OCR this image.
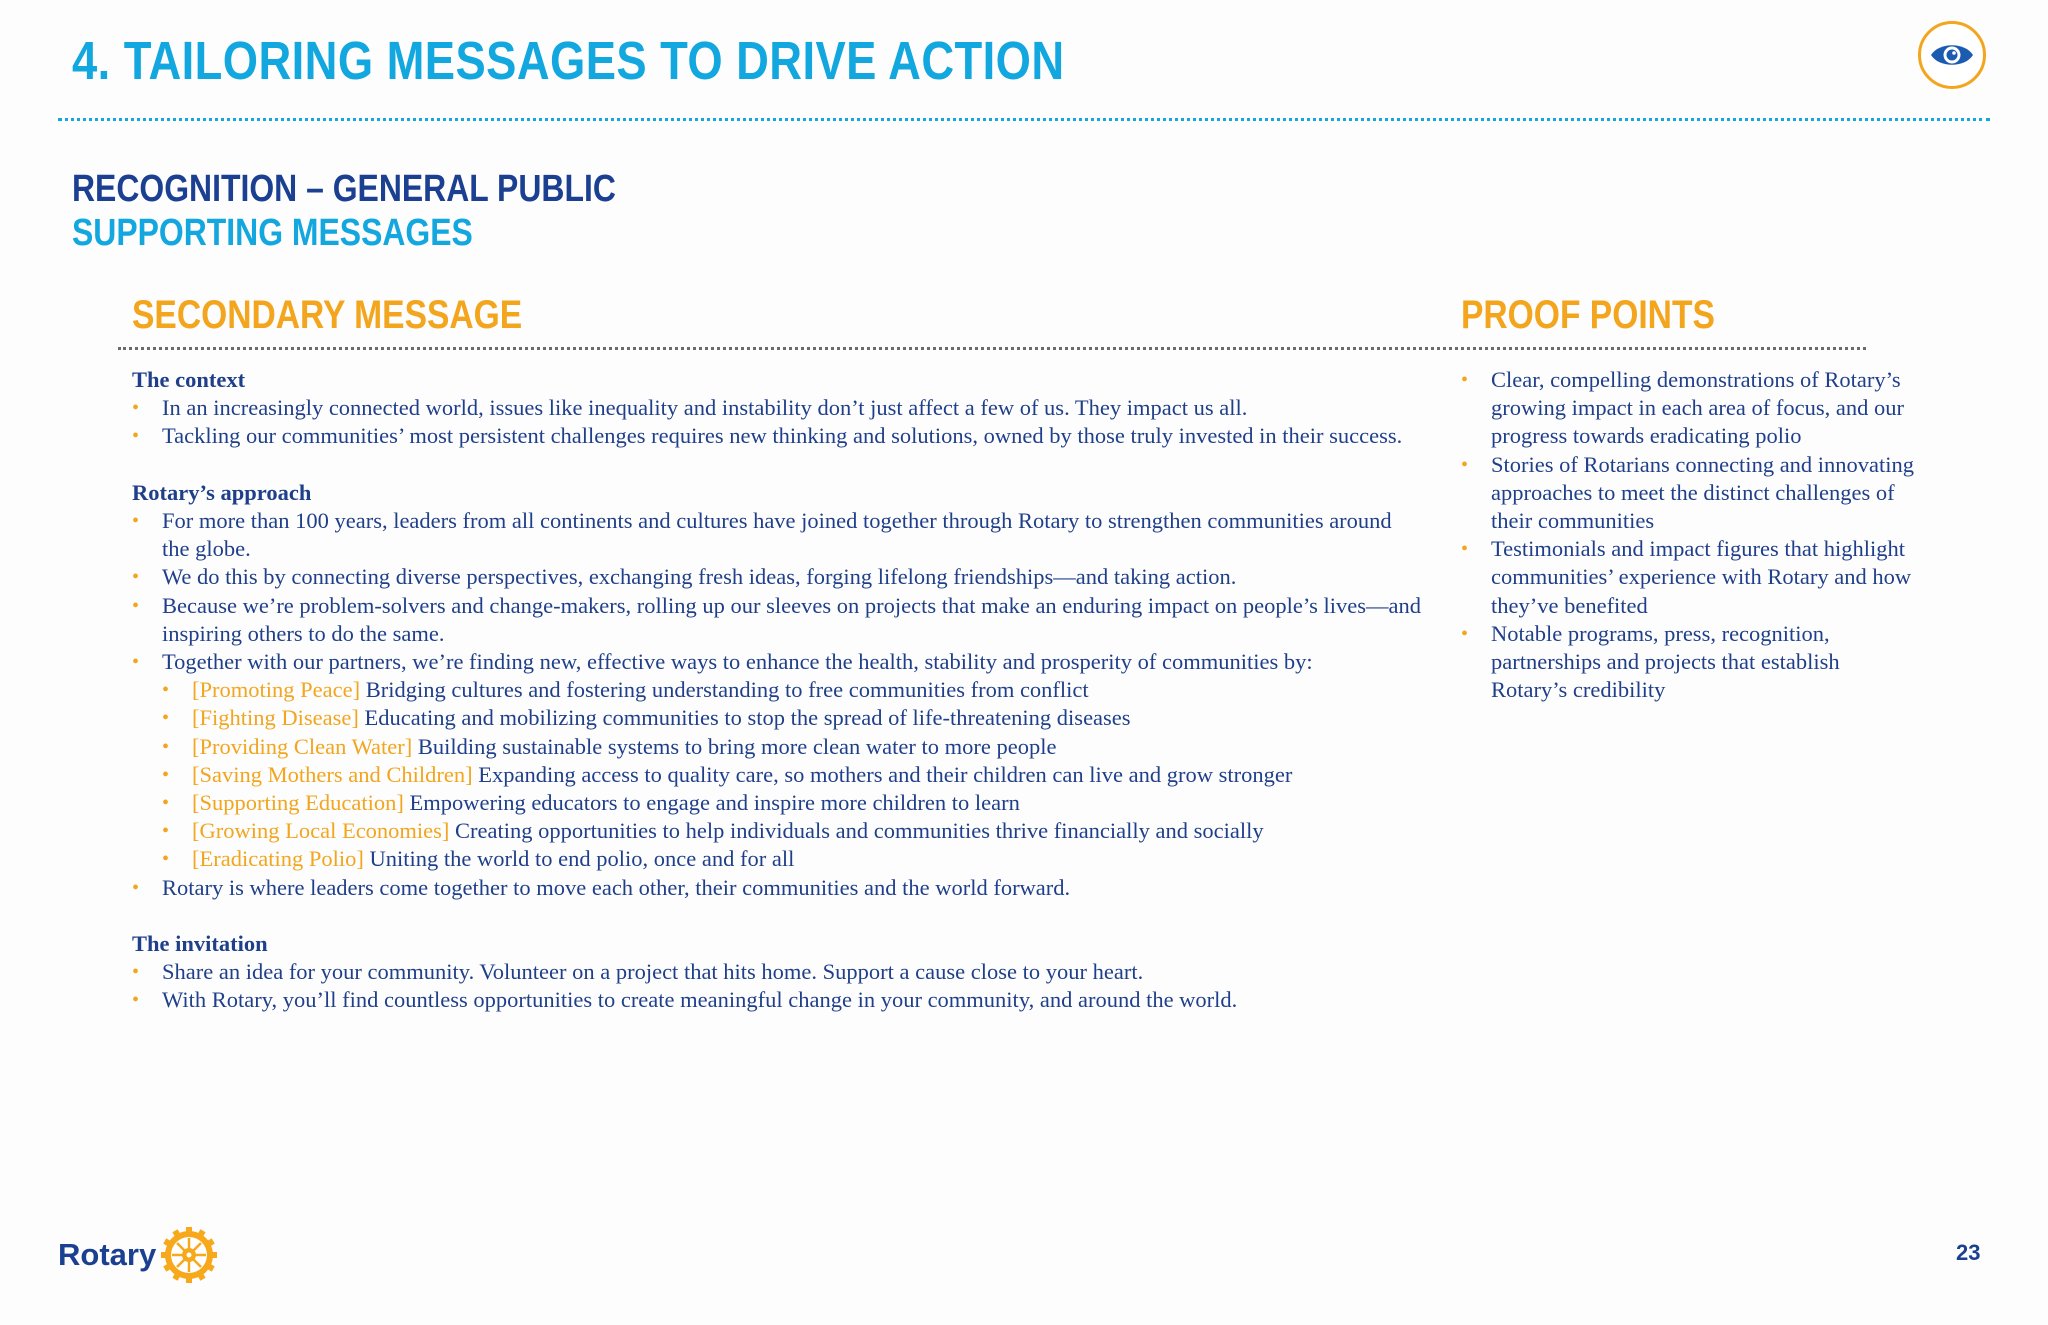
4. TAILORING MESSAGES TO DRIVE ACTION
RECOGNITION – GENERAL PUBLIC
SUPPORTING MESSAGES
SECONDARY MESSAGE	PROOF POINTS
The context
• In an increasingly connected world, issues like inequality and instability don’t just affect a few of us. They impact us all.
• Tackling our communities’ most persistent challenges requires new thinking and solutions, owned by those truly invested in their success.
Rotary’s approach
• For more than 100 years, leaders from all continents and cultures have joined together through Rotary to strengthen communities around the globe.
• We do this by connecting diverse perspectives, exchanging fresh ideas, forging lifelong friendships—and taking action.
• Because we’re problem-solvers and change-makers, rolling up our sleeves on projects that make an enduring impact on people’s lives—and inspiring others to do the same.
• Together with our partners, we’re finding new, effective ways to enhance the health, stability and prosperity of communities by:
• [Promoting Peace] Bridging cultures and fostering understanding to free communities from conflict
• [Fighting Disease] Educating and mobilizing communities to stop the spread of life-threatening diseases
• [Providing Clean Water] Building sustainable systems to bring more clean water to more people
• [Saving Mothers and Children] Expanding access to quality care, so mothers and their children can live and grow stronger
• [Supporting Education] Empowering educators to engage and inspire more children to learn
• [Growing Local Economies] Creating opportunities to help individuals and communities thrive financially and socially
• [Eradicating Polio] Uniting the world to end polio, once and for all
• Rotary is where leaders come together to move each other, their communities and the world forward.
The invitation
• Share an idea for your community. Volunteer on a project that hits home. Support a cause close to your heart.
• With Rotary, you’ll find countless opportunities to create meaningful change in your community, and around the world.
• Clear, compelling demonstrations of Rotary’s growing impact in each area of focus, and our progress towards eradicating polio
• Stories of Rotarians connecting and innovating approaches to meet the distinct challenges of their communities
• Testimonials and impact figures that highlight communities’ experience with Rotary and how they’ve benefited
• Notable programs, press, recognition, partnerships and projects that establish Rotary’s credibility
Rotary	23
